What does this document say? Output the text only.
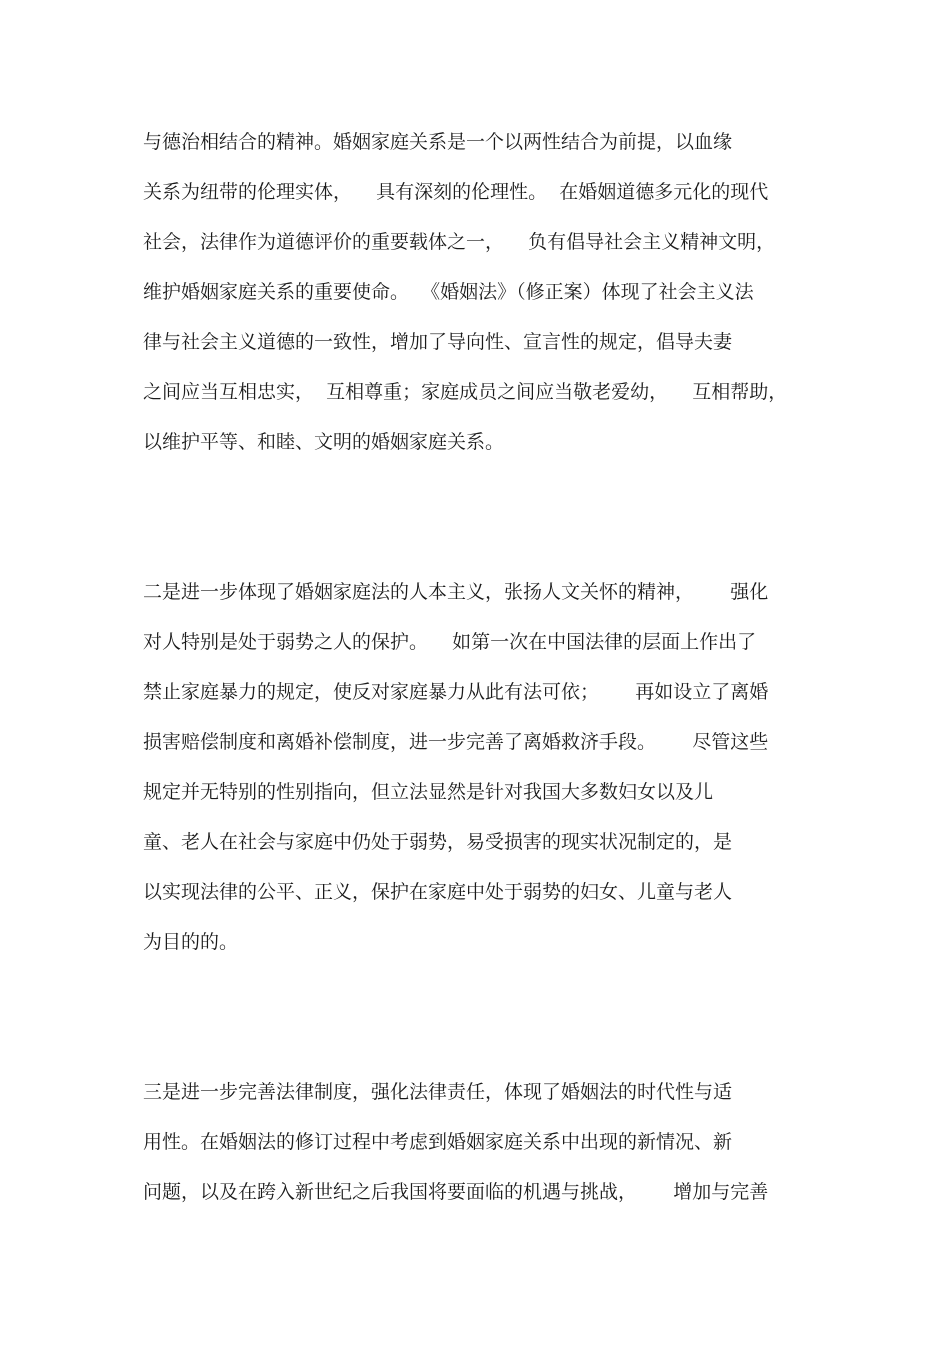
与德治相结合的精神。婚姻家庭关系是一个以两性结合为前提，以血缘
关系为纽带的伦理实体，    具有深刻的伦理性。  在婚姻道德多元化的现代
社会，法律作为道德评价的重要载体之一，    负有倡导社会主义精神文明，
维护婚姻家庭关系的重要使命。  《婚姻法》（修正案）体现了社会主义法
律与社会主义道德的一致性，增加了导向性、宣言性的规定，倡导夫妻
之间应当互相忠实，  互相尊重；家庭成员之间应当敬老爱幼，    互相帮助，
以维护平等、和睦、文明的婚姻家庭关系。
二是进一步体现了婚姻家庭法的人本主义，张扬人文关怀的精神，      强化
对人特别是处于弱势之人的保护。    如第一次在中国法律的层面上作出了
禁止家庭暴力的规定，使反对家庭暴力从此有法可依；      再如设立了离婚
损害赔偿制度和离婚补偿制度，进一步完善了离婚救济手段。      尽管这些
规定并无特别的性别指向，但立法显然是针对我国大多数妇女以及儿
童、老人在社会与家庭中仍处于弱势，易受损害的现实状况制定的，是
以实现法律的公平、正义，保护在家庭中处于弱势的妇女、儿童与老人
为目的的。
三是进一步完善法律制度，强化法律责任，体现了婚姻法的时代性与适
用性。在婚姻法的修订过程中考虑到婚姻家庭关系中出现的新情况、新
问题，以及在跨入新世纪之后我国将要面临的机遇与挑战，      增加与完善
